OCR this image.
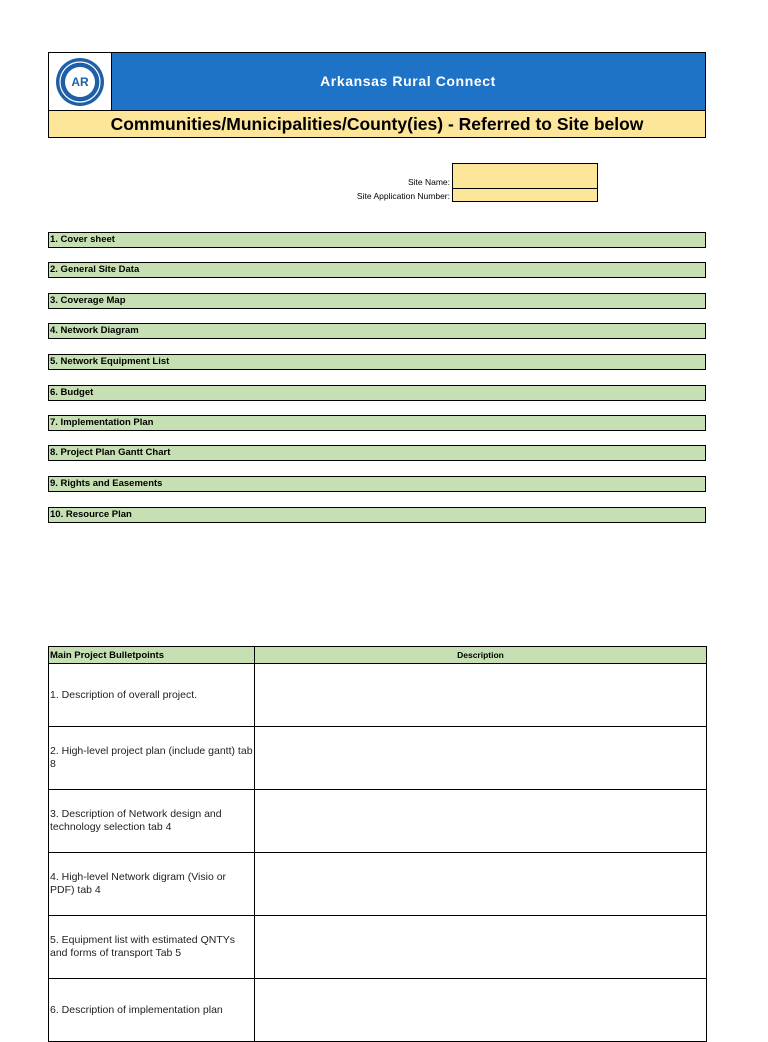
AR	Arkansas Rural Connect
Communities/Municipalities/County(ies) - Referred to Site below
Site Name:
Site Application Number:
1. Cover sheet
2. General Site Data
3. Coverage Map
4. Network Diagram
5. Network Equipment List
6. Budget
7. Implementation Plan
8. Project Plan Gantt Chart
9. Rights and Easements
10. Resource Plan
Main Project Bulletpoints	Description
1. Description of overall project.	
2. High-level project plan (include gantt) tab 8	
3. Description of Network design and technology selection tab 4	
4. High-level Network digram (Visio or PDF) tab 4	
5. Equipment list with estimated QNTYs and forms of transport Tab 5	
6. Description of implementation plan	
